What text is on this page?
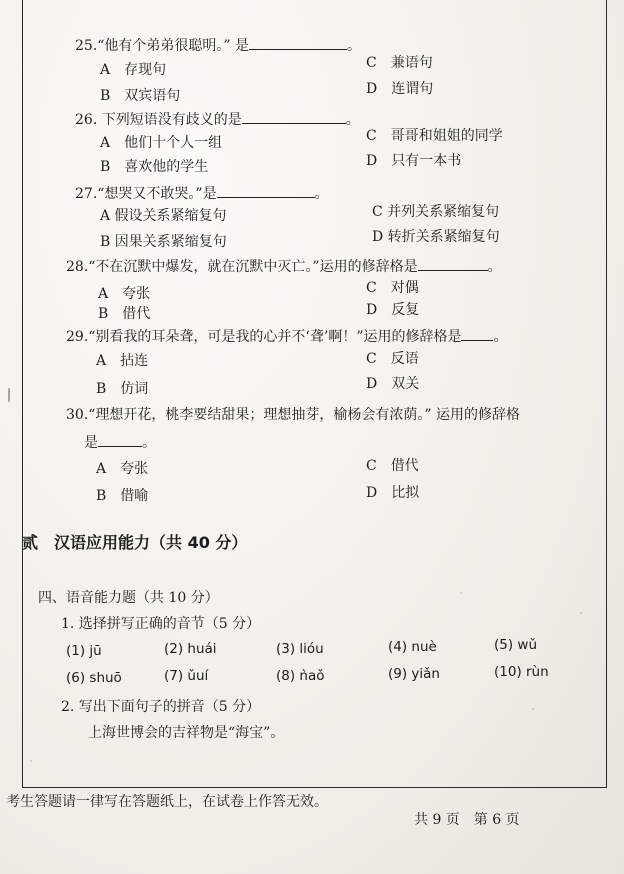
25.“他有个弟弟很聪明。” 是	。
A　存现句	C　兼语句
B　双宾语句	D　连谓句
26. 下列短语没有歧义的是	。
A　他们十个人一组	C　哥哥和姐姐的同学
B　喜欢他的学生	D　只有一本书
27.“想哭又不敢哭。”是	。
A 假设关系紧缩复句	C 并列关系紧缩复句
B 因果关系紧缩复句	D 转折关系紧缩复句
28.“不在沉默中爆发，就在沉默中灭亡。”运用的修辞格是	。
A　夸张	C　对偶
B　借代	D　反复
29.“别看我的耳朵聋，可是我的心并不‘聋’啊！”运用的修辞格是 。
A　拈连	C　反语
B　仿词	D　双关
30.“理想开花，桃李要结甜果；理想抽芽，榆杨会有浓荫。” 运用的修辞格
是	。
A　夸张	C　借代
B　借喻	D　比拟
贰　汉语应用能力（共 40 分）
四、语音能力题（共 10 分）
1. 选择拼写正确的音节（5 分）
(1) jū	(2) huái	(3) liόu	(4) nuè	(5) wǔ
(6) shuō	(7) ǔuí	(8) ǹaǒ	(9) yiǎn	(10) rùn
2. 写出下面句子的拼音（5 分）
上海世博会的吉祥物是“海宝”。
考生答题请一律写在答题纸上，在试卷上作答无效。
共 9 页　第 6 页
